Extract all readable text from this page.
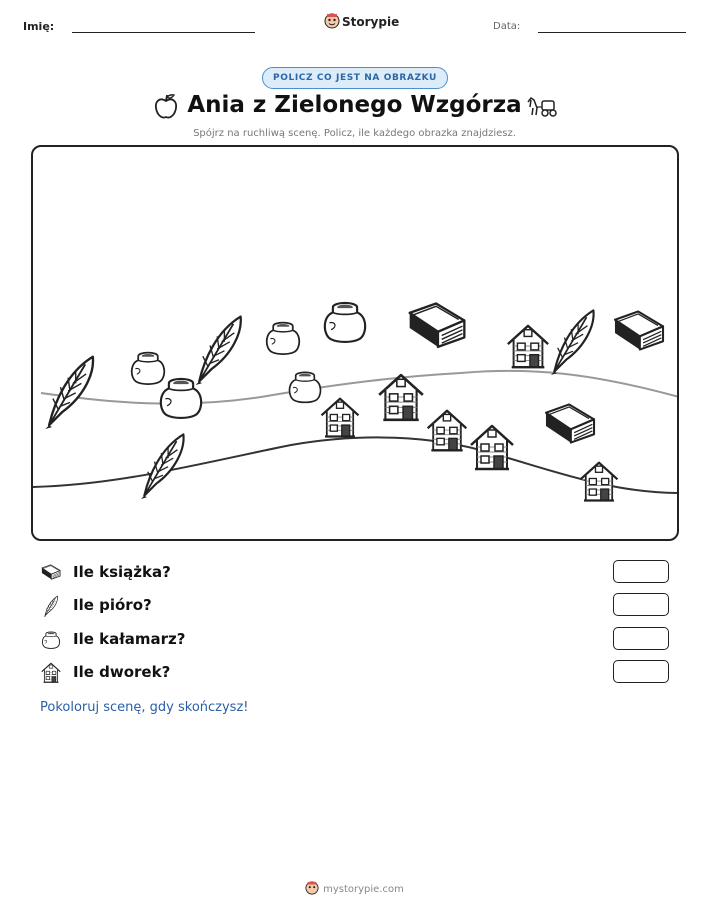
Imię:	Storypie	Data:
POLICZ CO JEST NA OBRAZKU
Ania z Zielonego Wzgórza
Spójrz na ruchliwą scenę. Policz, ile każdego obrazka znajdziesz.
Ile książka?
Ile pióro?
Ile kałamarz?
Ile dworek?
Pokoloruj scenę, gdy skończysz!
mystorypie.com
